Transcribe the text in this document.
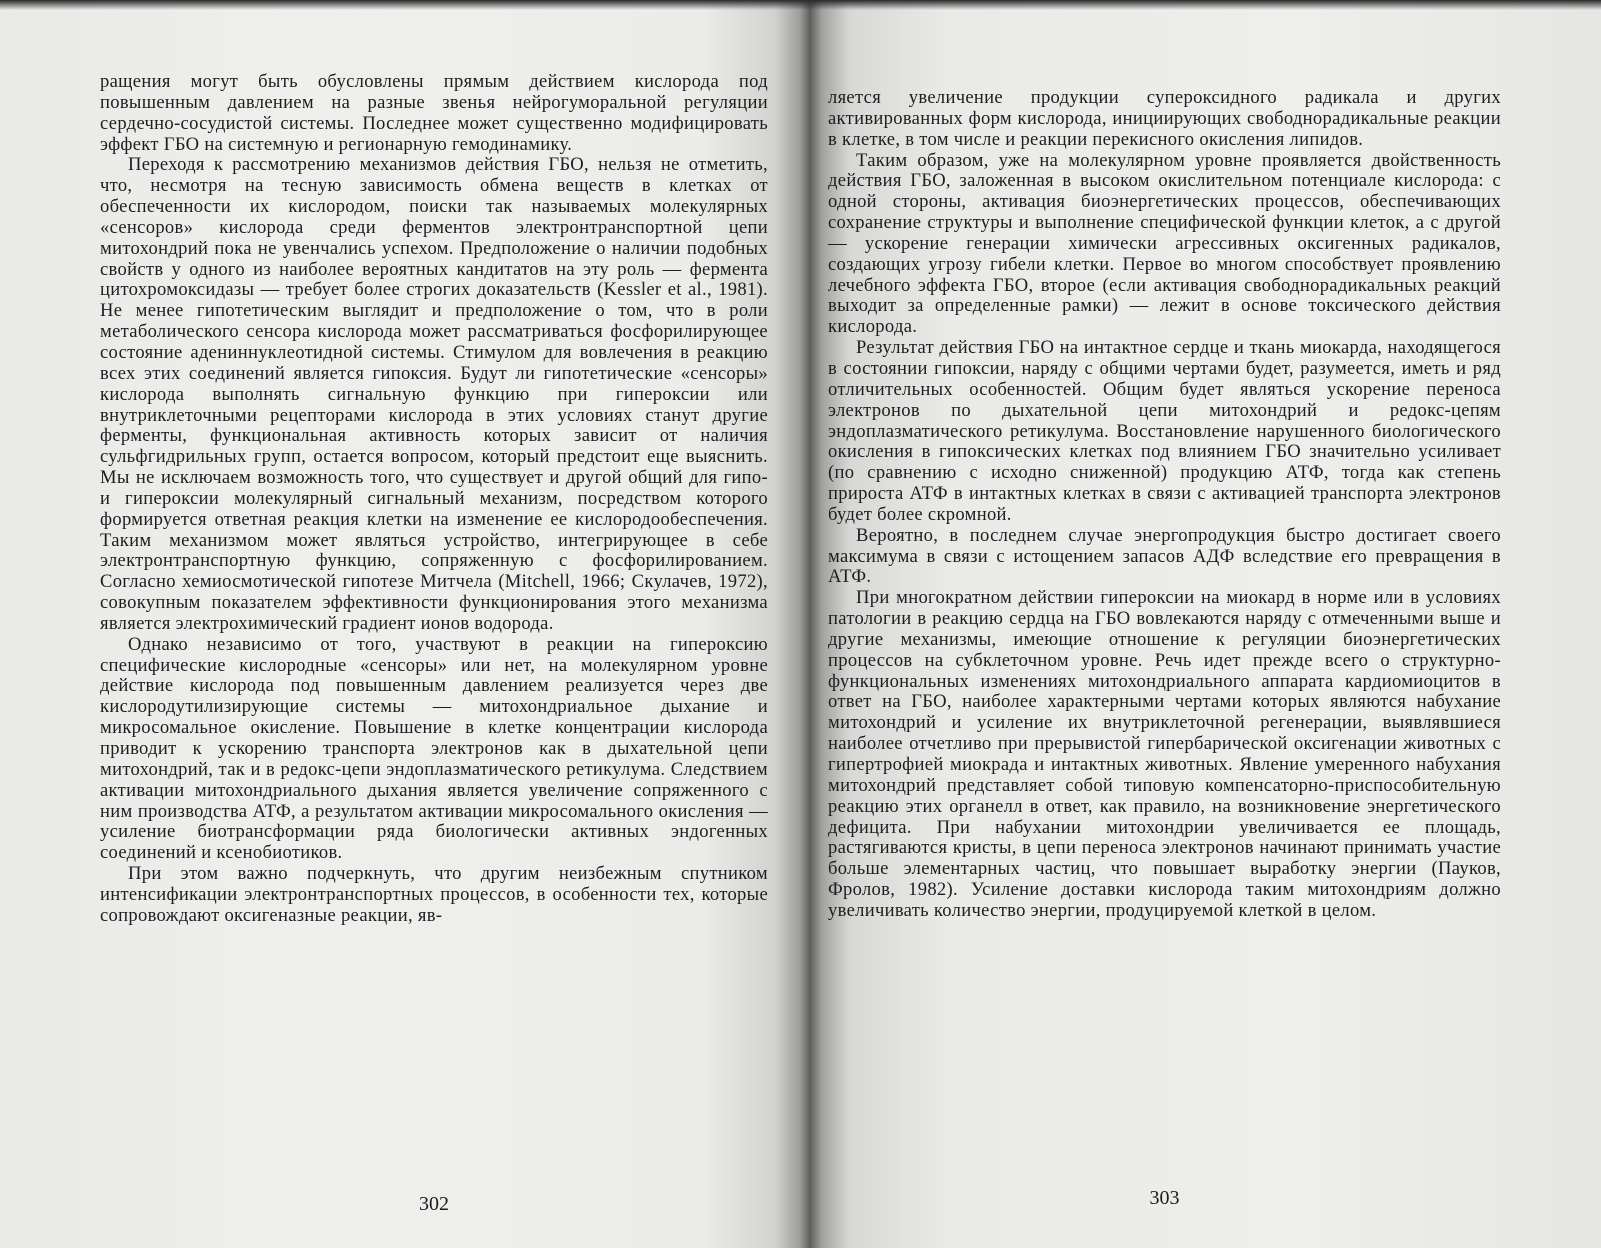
ращения могут быть обусловлены прямым действием кислорода под повышенным давлением на разные звенья нейрогуморальной регуляции сердечно-сосудистой системы. Последнее может существенно модифицировать эффект ГБО на системную и регионарную гемодинамику.

Переходя к рассмотрению механизмов действия ГБО, нельзя не отметить, что, несмотря на тесную зависимость обмена веществ в клетках от обеспеченности их кислородом, поиски так называемых молекулярных «сенсоров» кислорода среди ферментов электронтранспортной цепи митохондрий пока не увенчались успехом. Предположение о наличии подобных свойств у одного из наиболее вероятных кандитатов на эту роль — фермента цитохромоксидазы — требует более строгих доказательств (Kessler et al., 1981). Не менее гипотетическим выглядит и предположение о том, что в роли метаболического сенсора кислорода может рассматриваться фосфорилирующее состояние адениннуклеотидной системы. Стимулом для вовлечения в реакцию всех этих соединений является гипоксия. Будут ли гипотетические «сенсоры» кислорода выполнять сигнальную функцию при гипероксии или внутриклеточными рецепторами кислорода в этих условиях станут другие ферменты, функциональная активность которых зависит от наличия сульфгидрильных групп, остается вопросом, который предстоит еще выяснить. Мы не исключаем возможность того, что существует и другой общий для гипо- и гипероксии молекулярный сигнальный механизм, посредством которого формируется ответная реакция клетки на изменение ее кислородообеспечения. Таким механизмом может являться устройство, интегрирующее в себе электронтранспортную функцию, сопряженную с фосфорилированием. Согласно хемиосмотической гипотезе Митчела (Mitchell, 1966; Скулачев, 1972), совокупным показателем эффективности функционирования этого механизма является электрохимический градиент ионов водорода.

Однако независимо от того, участвуют в реакции на гипероксию специфические кислородные «сенсоры» или нет, на молекулярном уровне действие кислорода под повышенным давлением реализуется через две кислородутилизирующие системы — митохондриальное дыхание и микросомальное окисление. Повышение в клетке концентрации кислорода приводит к ускорению транспорта электронов как в дыхательной цепи митохондрий, так и в редокс-цепи эндоплазматического ретикулума. Следствием активации митохондриального дыхания является увеличение сопряженного с ним производства АТФ, а результатом активации микросомального окисления — усиление биотрансформации ряда биологически активных эндогенных соединений и ксенобиотиков.

При этом важно подчеркнуть, что другим неизбежным спутником интенсификации электронтранспортных процессов, в особенности тех, которые сопровождают оксигеназные реакции, яв-

302

ляется увеличение продукции супероксидного радикала и других активированных форм кислорода, инициирующих свободнорадикальные реакции в клетке, в том числе и реакции перекисного окисления липидов.

Таким образом, уже на молекулярном уровне проявляется двойственность действия ГБО, заложенная в высоком окислительном потенциале кислорода: с одной стороны, активация биоэнергетических процессов, обеспечивающих сохранение структуры и выполнение специфической функции клеток, а с другой — ускорение генерации химически агрессивных оксигенных радикалов, создающих угрозу гибели клетки. Первое во многом способствует проявлению лечебного эффекта ГБО, второе (если активация свободнорадикальных реакций выходит за определенные рамки) — лежит в основе токсического действия кислорода.

Результат действия ГБО на интактное сердце и ткань миокарда, находящегося в состоянии гипоксии, наряду с общими чертами будет, разумеется, иметь и ряд отличительных особенностей. Общим будет являться ускорение переноса электронов по дыхательной цепи митохондрий и редокс-цепям эндоплазматического ретикулума. Восстановление нарушенного биологического окисления в гипоксических клетках под влиянием ГБО значительно усиливает (по сравнению с исходно сниженной) продукцию АТФ, тогда как степень прироста АТФ в интактных клетках в связи с активацией транспорта электронов будет более скромной.

Вероятно, в последнем случае энергопродукция быстро достигает своего максимума в связи с истощением запасов АДФ вследствие его превращения в АТФ.

При многократном действии гипероксии на миокард в норме или в условиях патологии в реакцию сердца на ГБО вовлекаются наряду с отмеченными выше и другие механизмы, имеющие отношение к регуляции биоэнергетических процессов на субклеточном уровне. Речь идет прежде всего о структурно-функциональных изменениях митохондриального аппарата кардиомиоцитов в ответ на ГБО, наиболее характерными чертами которых являются набухание митохондрий и усиление их внутриклеточной регенерации, выявлявшиеся наиболее отчетливо при прерывистой гипербарической оксигенации животных с гипертрофией миокрада и интактных животных. Явление умеренного набухания митохондрий представляет собой типовую компенсаторно-приспособительную реакцию этих органелл в ответ, как правило, на возникновение энергетического дефицита. При набухании митохондрии увеличивается ее площадь, растягиваются кристы, в цепи переноса электронов начинают принимать участие больше элементарных частиц, что повышает выработку энергии (Пауков, Фролов, 1982). Усиление доставки кислорода таким митохондриям должно увеличивать количество энергии, продуцируемой клеткой в целом.

303
